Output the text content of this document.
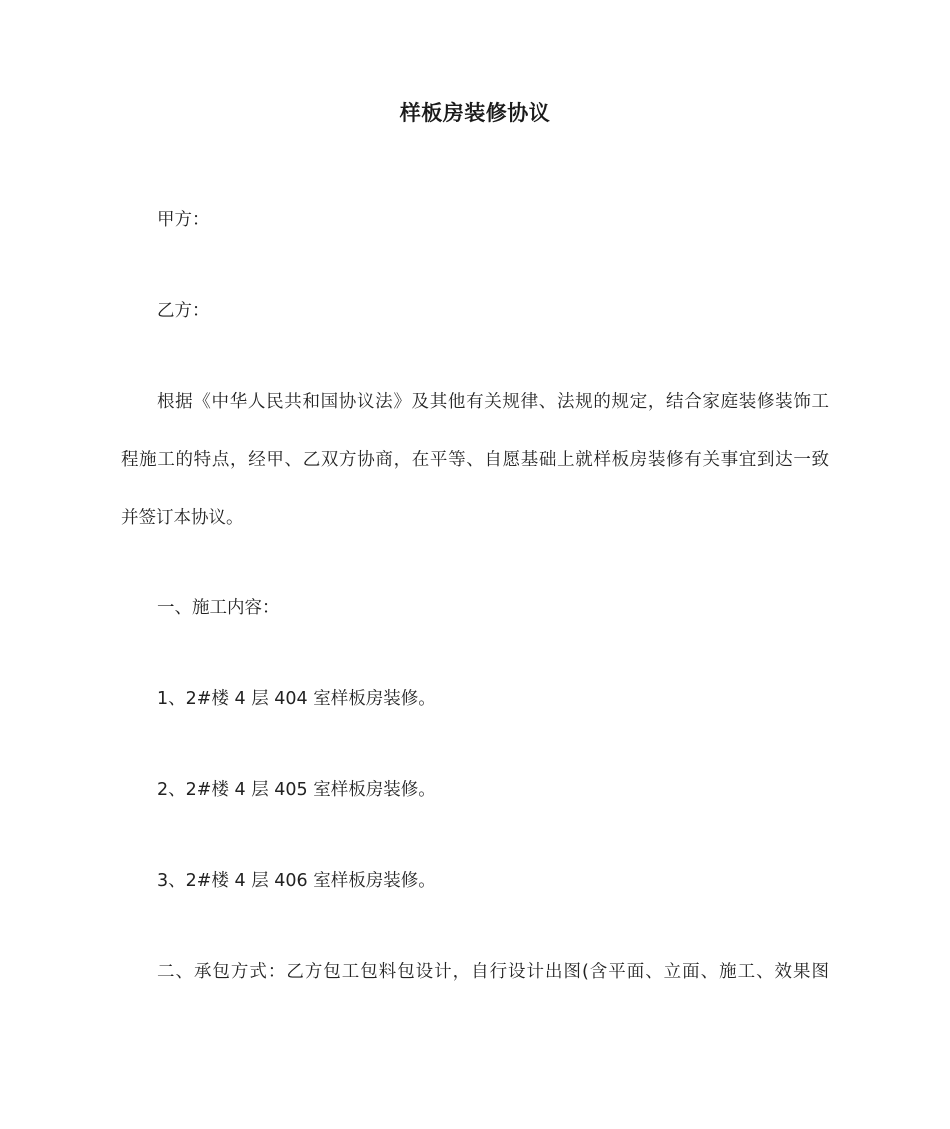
样板房装修协议
甲方：
乙方：
根据《中华人民共和国协议法》及其他有关规律、法规的规定，结合家庭装修装饰工
程施工的特点，经甲、乙双方协商，在平等、自愿基础上就样板房装修有关事宜到达一致
并签订本协议。
一、施工内容：
1、2#楼 4 层 404 室样板房装修。
2、2#楼 4 层 405 室样板房装修。
3、2#楼 4 层 406 室样板房装修。
二、承包方式：乙方包工包料包设计，自行设计出图(含平面、立面、施工、效果图
